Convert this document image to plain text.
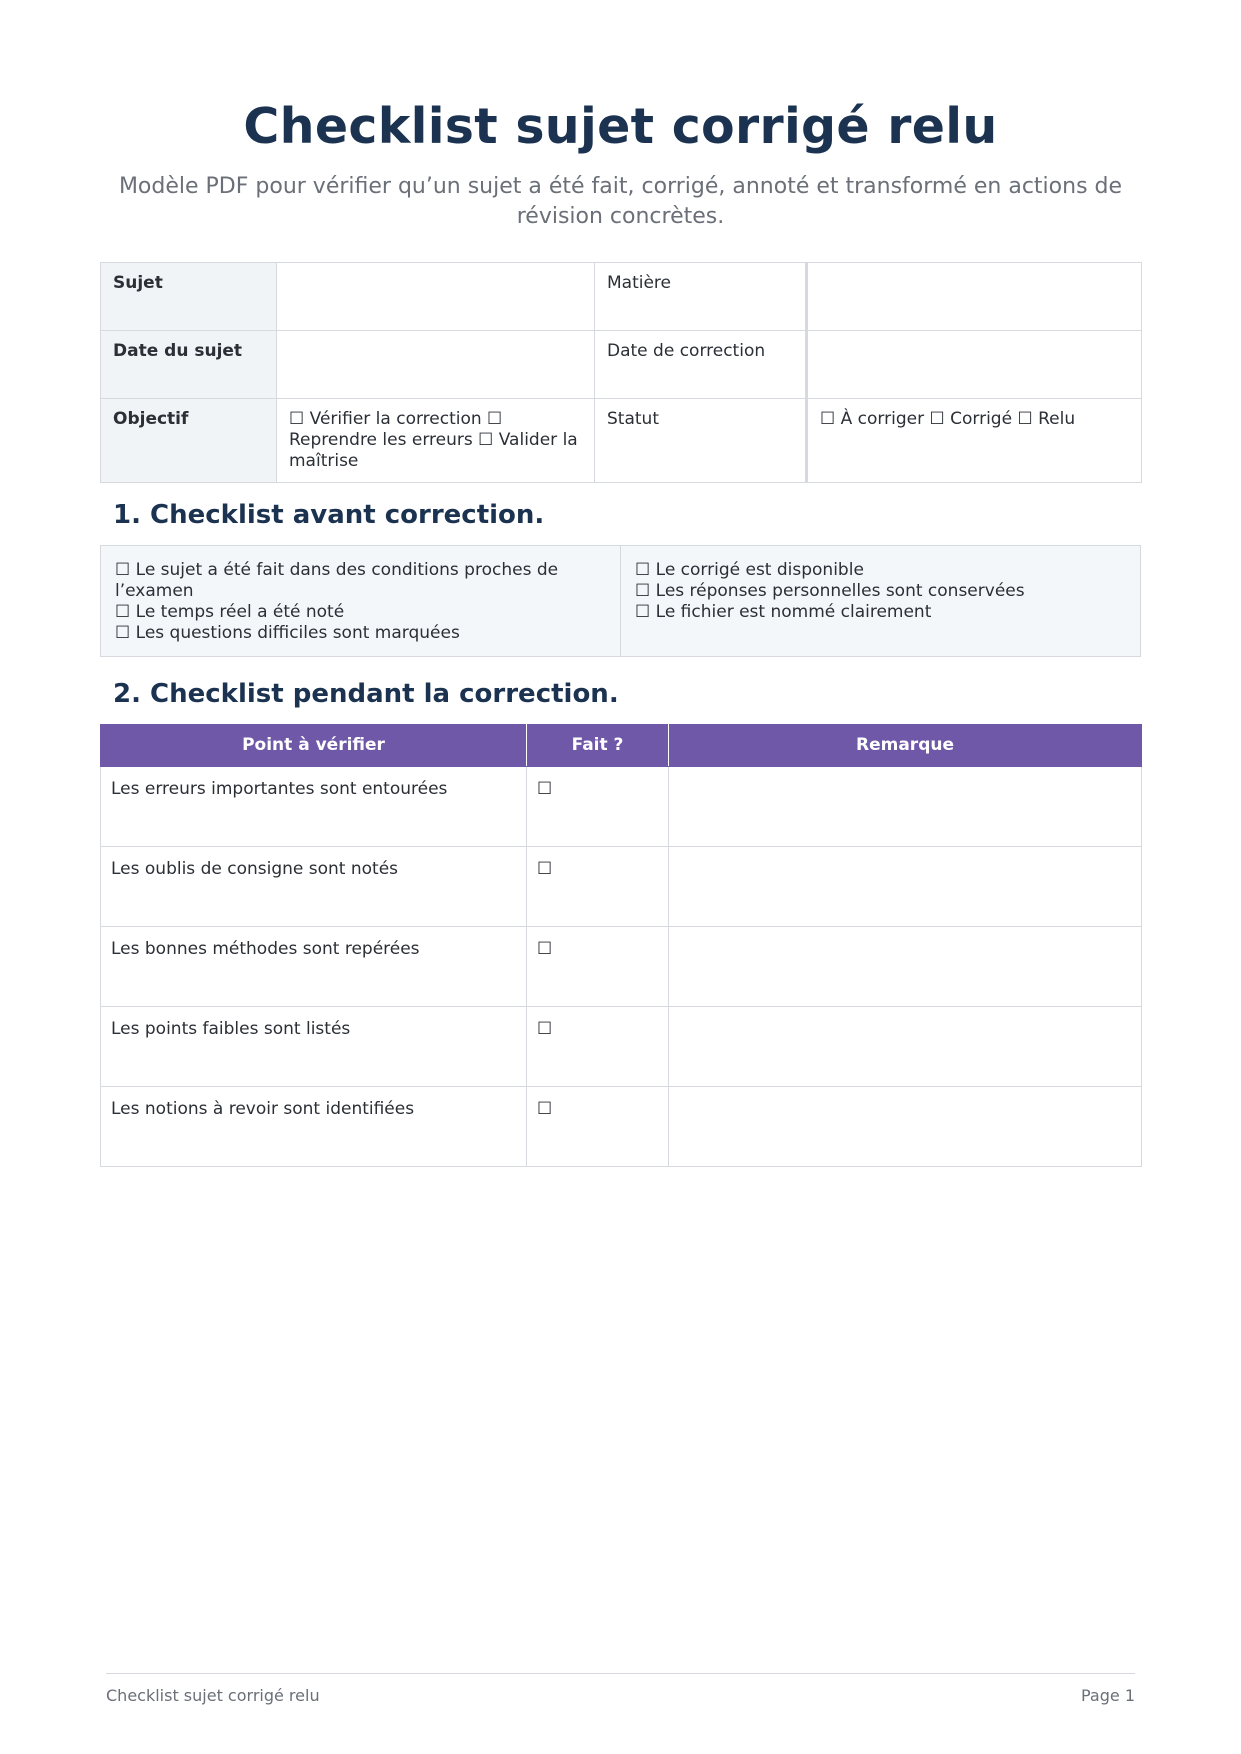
Checklist sujet corrigé relu
Modèle PDF pour vérifier qu’un sujet a été fait, corrigé, annoté et transformé en actions de révision concrètes.
Sujet		Matière	
Date du sujet		Date de correction	
Objectif	☐ Vérifier la correction ☐ Reprendre les erreurs ☐ Valider la maîtrise	Statut	☐ À corriger ☐ Corrigé ☐ Relu
1. Checklist avant correction.
☐ Le sujet a été fait dans des conditions proches de l’examen
☐ Le temps réel a été noté
☐ Les questions difficiles sont marquées
☐ Le corrigé est disponible
☐ Les réponses personnelles sont conservées
☐ Le fichier est nommé clairement
2. Checklist pendant la correction.
Point à vérifier	Fait ?	Remarque
Les erreurs importantes sont entourées	☐	
Les oublis de consigne sont notés	☐	
Les bonnes méthodes sont repérées	☐	
Les points faibles sont listés	☐	
Les notions à revoir sont identifiées	☐	
Checklist sujet corrigé relu	Page 1
